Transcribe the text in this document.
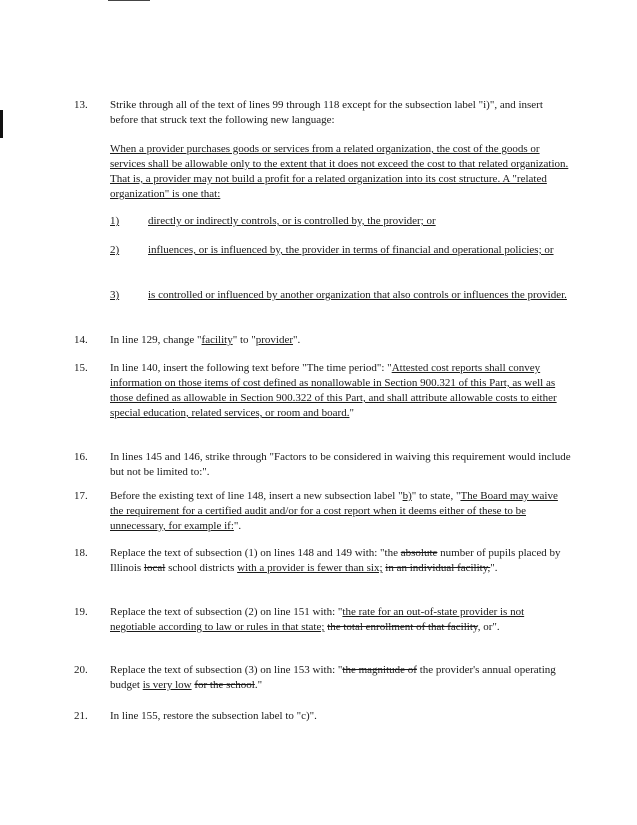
13.	Strike through all of the text of lines 99 through 118 except for the subsection label "i)", and insert before that struck text the following new language:
When a provider purchases goods or services from a related organization, the cost of the goods or services shall be allowable only to the extent that it does not exceed the cost to that related organization. That is, a provider may not build a profit for a related organization into its cost structure. A "related organization" is one that:
1)	directly or indirectly controls, or is controlled by, the provider; or
2)	influences, or is influenced by, the provider in terms of financial and operational policies; or
3)	is controlled or influenced by another organization that also controls or influences the provider.
14.	In line 129, change "facility" to "provider".
15.	In line 140, insert the following text before "The time period": "Attested cost reports shall convey information on those items of cost defined as nonallowable in Section 900.321 of this Part, as well as those defined as allowable in Section 900.322 of this Part, and shall attribute allowable costs to either special education, related services, or room and board."
16.	In lines 145 and 146, strike through "Factors to be considered in waiving this requirement would include but not be limited to:".
17.	Before the existing text of line 148, insert a new subsection label "b)" to state, "The Board may waive the requirement for a certified audit and/or for a cost report when it deems either of these to be unnecessary, for example if:".
18.	Replace the text of subsection (1) on lines 148 and 149 with: "the absolute number of pupils placed by Illinois local school districts with a provider is fewer than six; in an individual facility,".
19.	Replace the text of subsection (2) on line 151 with: "the rate for an out-of-state provider is not negotiable according to law or rules in that state; the total enrollment of that facility, or".
20.	Replace the text of subsection (3) on line 153 with: "the magnitude of the provider's annual operating budget is very low for the school."
21.	In line 155, restore the subsection label to "c)".
